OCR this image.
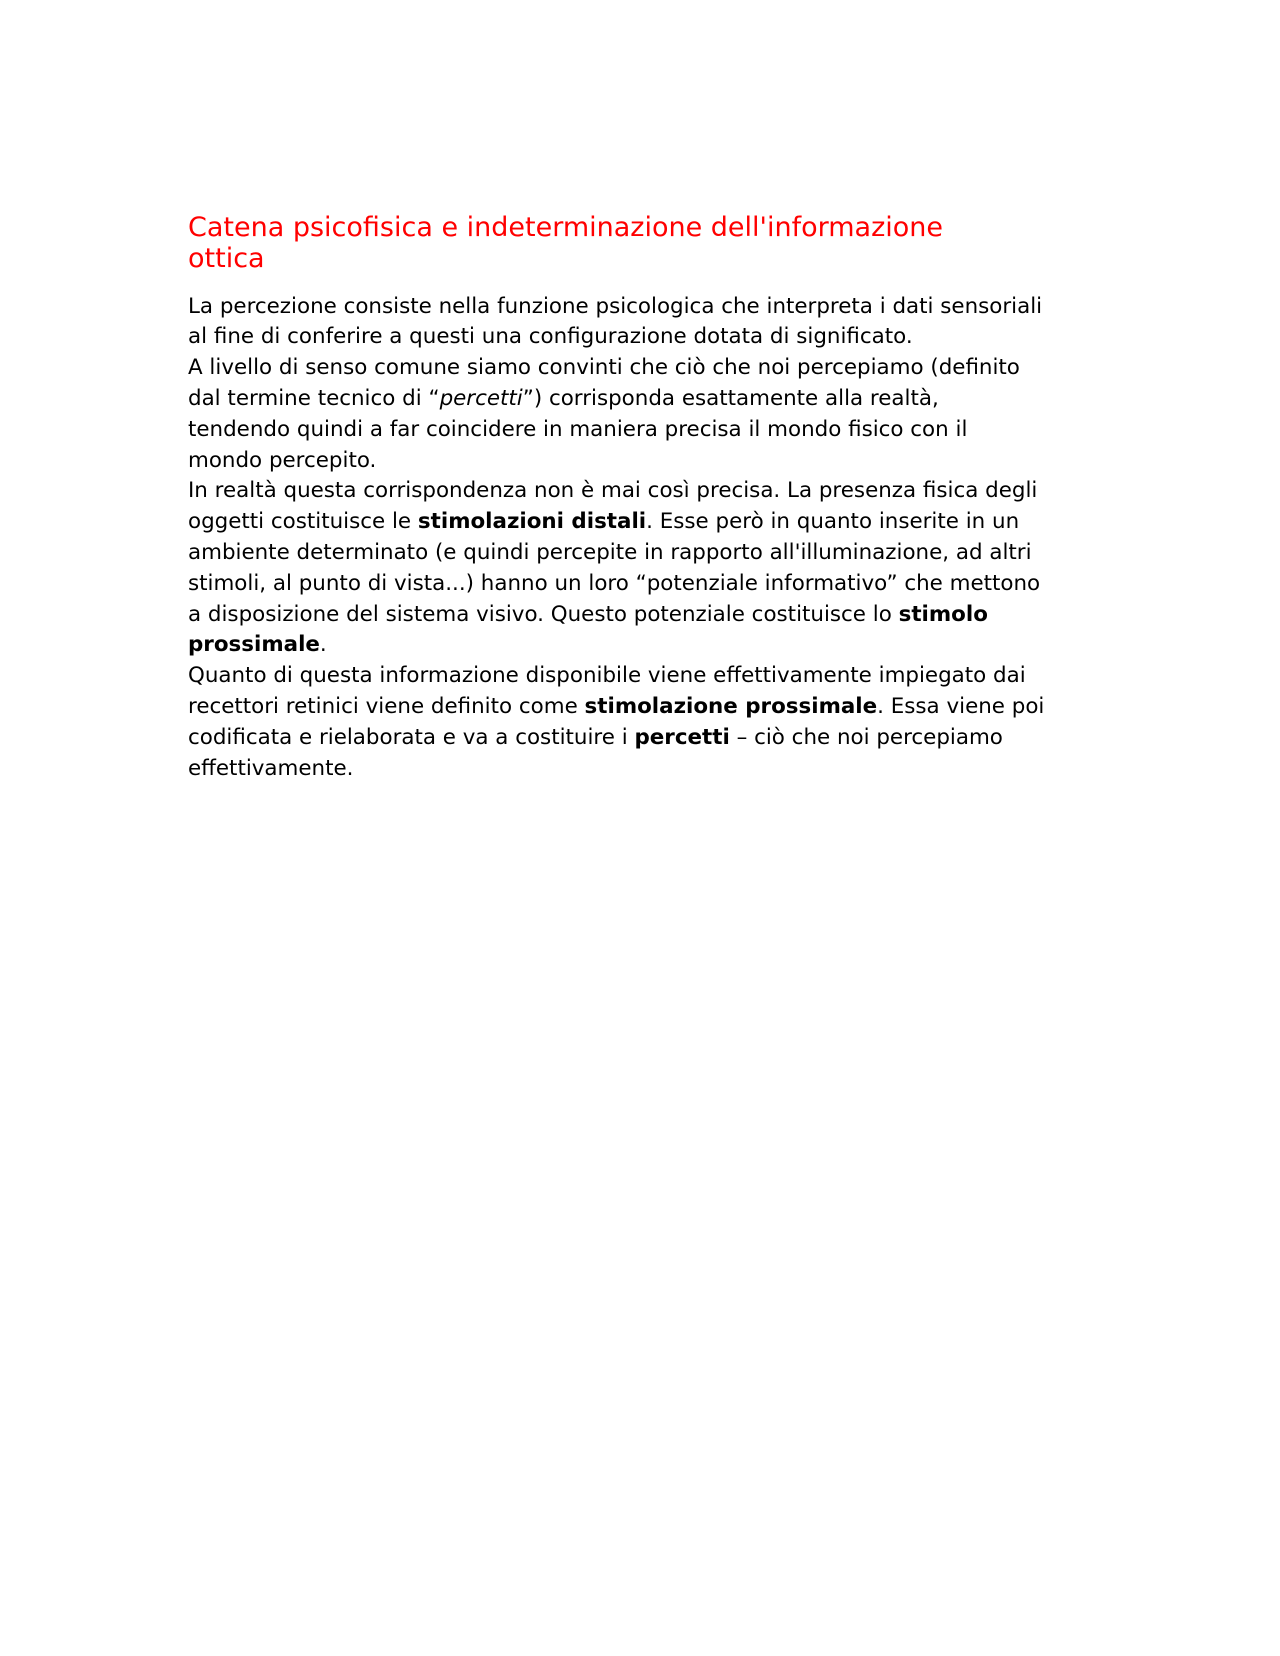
Catena psicofisica e indeterminazione dell'informazione
ottica
La percezione consiste nella funzione psicologica che interpreta i dati sensoriali
al fine di conferire a questi una configurazione dotata di significato.
A livello di senso comune siamo convinti che ciò che noi percepiamo (definito
dal termine tecnico di “percetti”) corrisponda esattamente alla realtà,
tendendo quindi a far coincidere in maniera precisa il mondo fisico con il
mondo percepito.
In realtà questa corrispondenza non è mai così precisa. La presenza fisica degli
oggetti costituisce le stimolazioni distali. Esse però in quanto inserite in un
ambiente determinato (e quindi percepite in rapporto all'illuminazione, ad altri
stimoli, al punto di vista...) hanno un loro “potenziale informativo” che mettono
a disposizione del sistema visivo. Questo potenziale costituisce lo stimolo
prossimale.
Quanto di questa informazione disponibile viene effettivamente impiegato dai
recettori retinici viene definito come stimolazione prossimale. Essa viene poi
codificata e rielaborata e va a costituire i percetti – ciò che noi percepiamo
effettivamente.
